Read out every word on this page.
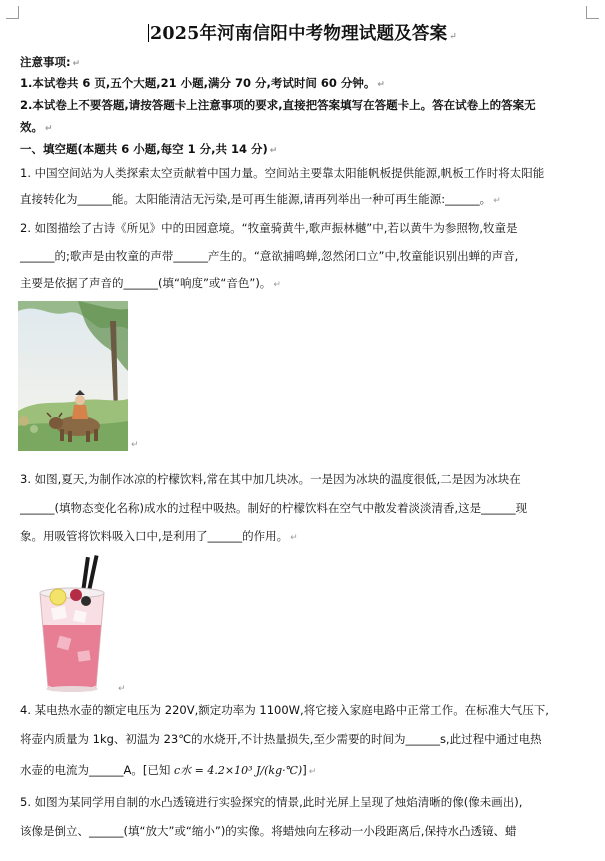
2025年河南信阳中考物理试题及答案 ↵
注意事项: ↵
1.本试卷共 6 页,五个大题,21 小题,满分 70 分,考试时间 60 分钟。 ↵
2.本试卷上不要答题,请按答题卡上注意事项的要求,直接把答案填写在答题卡上。答在试卷上的答案无
效。 ↵
一、填空题(本题共 6 小题,每空 1 分,共 14 分) ↵
1. 中国空间站为人类探索太空贡献着中国力量。空间站主要靠太阳能帆板提供能源,帆板工作时将太阳能
直接转化为______能。太阳能清洁无污染,是可再生能源,请再列举出一种可再生能源:______。 ↵
2. 如图描绘了古诗《所见》中的田园意境。“牧童骑黄牛,歌声振林樾”中,若以黄牛为参照物,牧童是
______的;歌声是由牧童的声带______产生的。“意欲捕鸣蝉,忽然闭口立”中,牧童能识别出蝉的声音,
主要是依据了声音的______(填“响度”或“音色”)。 ↵
↵
3. 如图,夏天,为制作冰凉的柠檬饮料,常在其中加几块冰。一是因为冰块的温度很低,二是因为冰块在
______(填物态变化名称)成水的过程中吸热。制好的柠檬饮料在空气中散发着淡淡清香,这是______现
象。用吸管将饮料吸入口中,是利用了______的作用。 ↵
↵
4. 某电热水壶的额定电压为 220V,额定功率为 1100W,将它接入家庭电路中正常工作。在标准大气压下,
将壶内质量为 1kg、初温为 23℃的水烧开,不计热量损失,至少需要的时间为______s,此过程中通过电热
水壶的电流为______A。[已知 c水 = 4.2×10³ J/(kg·℃)] ↵
5. 如图为某同学用自制的水凸透镜进行实验探究的情景,此时光屏上呈现了烛焰清晰的像(像未画出),
该像是倒立、______(填“放大”或“缩小”)的实像。将蜡烛向左移动一小段距离后,保持水凸透镜、蜡
